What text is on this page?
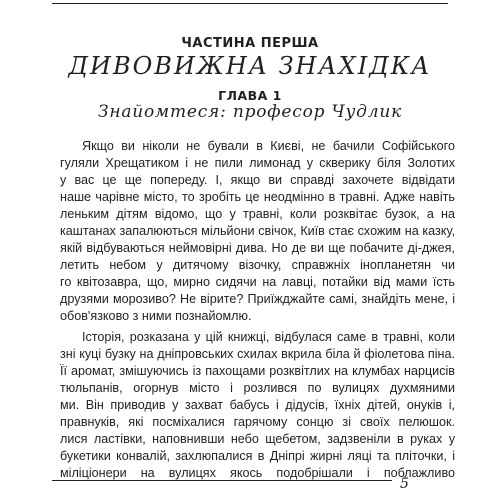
ЧАСТИНА ПЕРША
ДИВОВИЖНА ЗНАХІДКА
ГЛАВА 1
Знайомтеся: професор Чудлик
Якщо ви ніколи не бували в Києві, не бачили Софійського
гуляли Хрещатиком і не пили лимонад у скверику біля Золотих
у вас це ще попереду. І, якщо ви справді захочете відвідати
наше чарівне місто, то зробіть це неодмінно в травні. Адже навіть
леньким дітям відомо, що у травні, коли розквітає бузок, а на
каштанах запалюються мільйони свічок, Київ стає схожим на казку,
якій відбуваються неймовірні дива. Но де ви ще побачите ді-джея,
летить небом у дитячому візочку, справжніх інопланетян чи
го квітозавра, що, мирно сидячи на лавці, потайки від мами їсть
друзями морозиво? Не вірите? Приїжджайте самі, знайдіть мене, і
обов'язково з ними познайомлю.
Історія, розказана у цій книжці, відбулася саме в травні, коли
зні куці бузку на дніпровських схилах вкрила біла й фіолетова піна.
Її аромат, змішуючись із пахощами розквітлих на клумбах нарцисів
тюльпанів, огорнув місто і розлився по вулицях духмяними
ми. Він приводив у захват бабусь і дідусів, їхніх дітей, онуків і,
правнуків, які посміхалися гарячому сонцю зі своїх пелюшок.
лися ластівки, наповнивши небо щебетом, задзвеніли в руках у
букетики конвалій, захлюпалися в Дніпрі жирні ляці та пліточки, і
міліціонери на вулицях якось подобрішали і поблажливо
5
